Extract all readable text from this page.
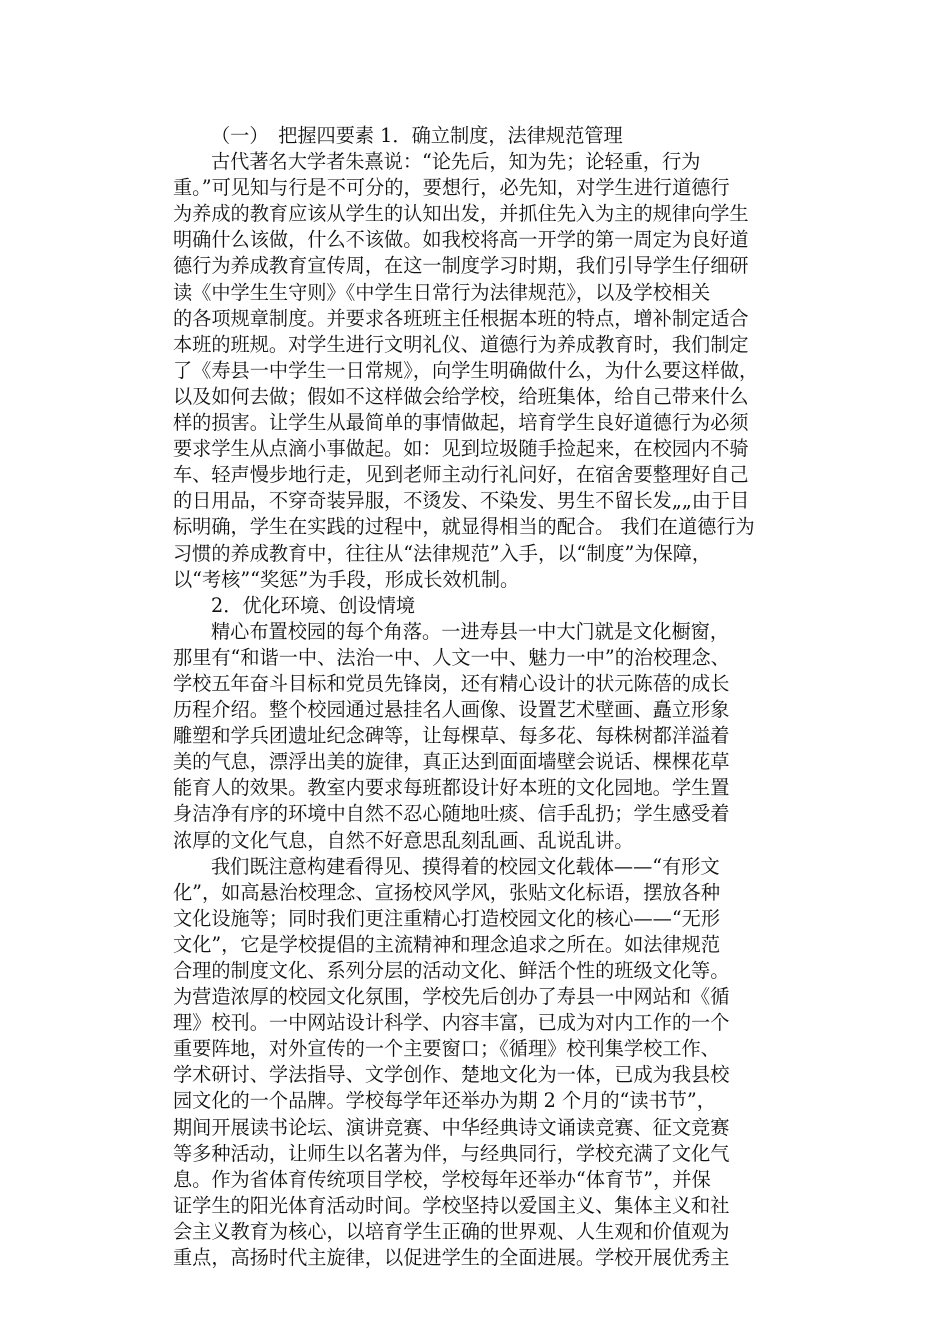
（一）　把握四要素 1．确立制度，法律规范管理
古代著名大学者朱熹说：“论先后，知为先；论轻重，行为
重。”可见知与行是不可分的，要想行，必先知，对学生进行道德行
为养成的教育应该从学生的认知出发，并抓住先入为主的规律向学生
明确什么该做，什么不该做。如我校将高一开学的第一周定为良好道
德行为养成教育宣传周，在这一制度学习时期，我们引导学生仔细研
读《中学生生守则》《中学生日常行为法律规范》，以及学校相关
的各项规章制度。并要求各班班主任根据本班的特点，增补制定适合
本班的班规。对学生进行文明礼仪、道德行为养成教育时，我们制定
了《寿县一中学生一日常规》，向学生明确做什么，为什么要这样做，
以及如何去做；假如不这样做会给学校，给班集体，给自己带来什么
样的损害。让学生从最简单的事情做起，培育学生良好道德行为必须
要求学生从点滴小事做起。如：见到垃圾随手捡起来，在校园内不骑
车、轻声慢步地行走，见到老师主动行礼问好，在宿舍要整理好自己
的日用品，不穿奇装异服，不烫发、不染发、男生不留长发„„由于目
标明确，学生在实践的过程中，就显得相当的配合。 我们在道德行为
习惯的养成教育中，往往从“法律规范”入手，以“制度”为保障，
以“考核”“奖惩”为手段，形成长效机制。
2．优化环境、创设情境
精心布置校园的每个角落。一进寿县一中大门就是文化橱窗，
那里有“和谐一中、法治一中、人文一中、魅力一中”的治校理念、
学校五年奋斗目标和党员先锋岗，还有精心设计的状元陈蓓的成长
历程介绍。整个校园通过悬挂名人画像、设置艺术壁画、矗立形象
雕塑和学兵团遗址纪念碑等，让每棵草、每多花、每株树都洋溢着
美的气息，漂浮出美的旋律，真正达到面面墙壁会说话、棵棵花草
能育人的效果。教室内要求每班都设计好本班的文化园地。学生置
身洁净有序的环境中自然不忍心随地吐痰、信手乱扔；学生感受着
浓厚的文化气息，自然不好意思乱刻乱画、乱说乱讲。
我们既注意构建看得见、摸得着的校园文化载体——“有形文
化”，如高悬治校理念、宣扬校风学风，张贴文化标语，摆放各种
文化设施等；同时我们更注重精心打造校园文化的核心——“无形
文化”，它是学校提倡的主流精神和理念追求之所在。如法律规范
合理的制度文化、系列分层的活动文化、鲜活个性的班级文化等。
为营造浓厚的校园文化氛围，学校先后创办了寿县一中网站和《循
理》校刊。一中网站设计科学、内容丰富，已成为对内工作的一个
重要阵地，对外宣传的一个主要窗口；《循理》校刊集学校工作、
学术研讨、学法指导、文学创作、楚地文化为一体，已成为我县校
园文化的一个品牌。学校每学年还举办为期 2 个月的“读书节”，
期间开展读书论坛、演讲竞赛、中华经典诗文诵读竞赛、征文竞赛
等多种活动，让师生以名著为伴，与经典同行，学校充满了文化气
息。作为省体育传统项目学校，学校每年还举办“体育节”，并保
证学生的阳光体育活动时间。学校坚持以爱国主义、集体主义和社
会主义教育为核心，以培育学生正确的世界观、人生观和价值观为
重点，高扬时代主旋律，以促进学生的全面进展。学校开展优秀主
